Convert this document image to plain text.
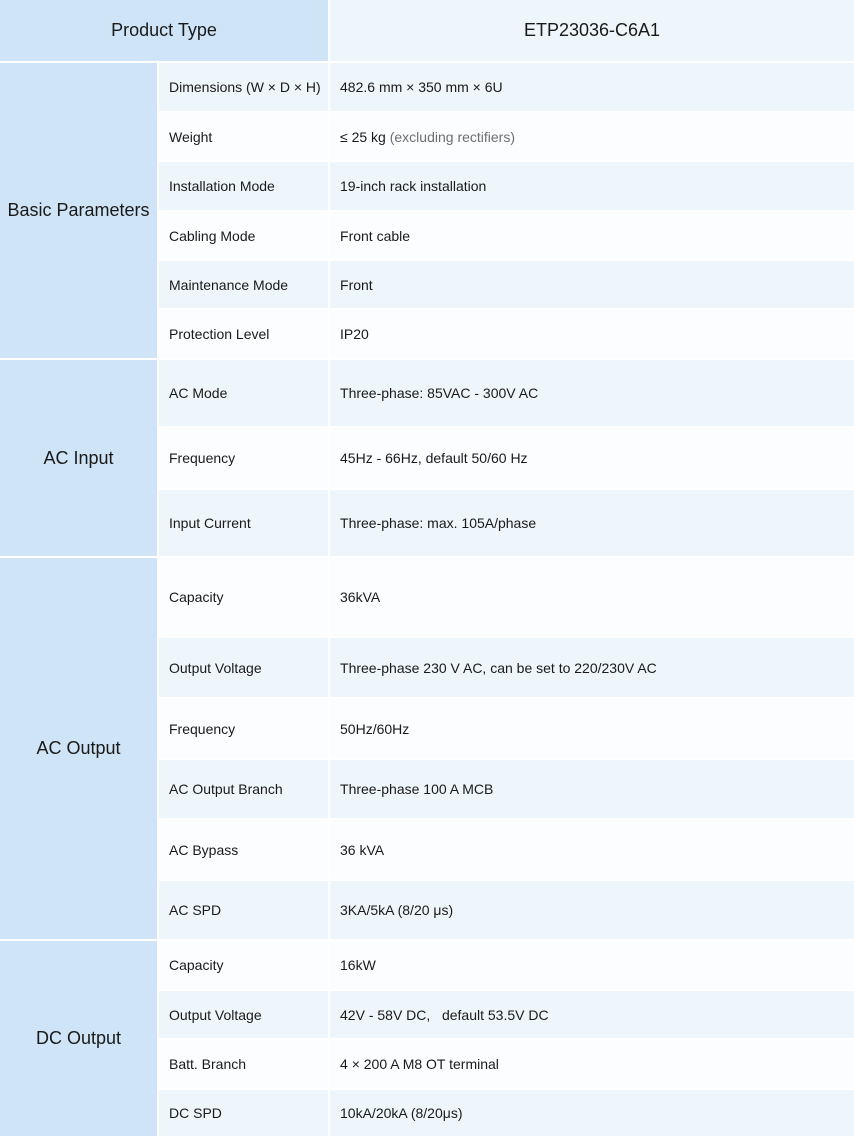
Product Type		ETP23036-C6A1
Basic Parameters	Dimensions (W × D × H)	482.6 mm × 350 mm × 6U
	Weight	≤ 25 kg (excluding rectifiers)
	Installation Mode	19-inch rack installation
	Cabling Mode	Front cable
	Maintenance Mode	Front
	Protection Level	IP20
AC Input	AC Mode	Three-phase: 85VAC - 300V AC
	Frequency	45Hz - 66Hz, default 50/60 Hz
	Input Current	Three-phase: max. 105A/phase
AC Output	Capacity	36kVA
	Output Voltage	Three-phase 230 V AC, can be set to 220/230V AC
	Frequency	50Hz/60Hz
	AC Output Branch	Three-phase 100 A MCB
	AC Bypass	36 kVA
	AC SPD	3KA/5kA (8/20 μs)
DC Output	Capacity	16kW
	Output Voltage	42V - 58V DC,   default 53.5V DC
	Batt. Branch	4 × 200 A M8 OT terminal
	DC SPD	10kA/20kA (8/20μs)
